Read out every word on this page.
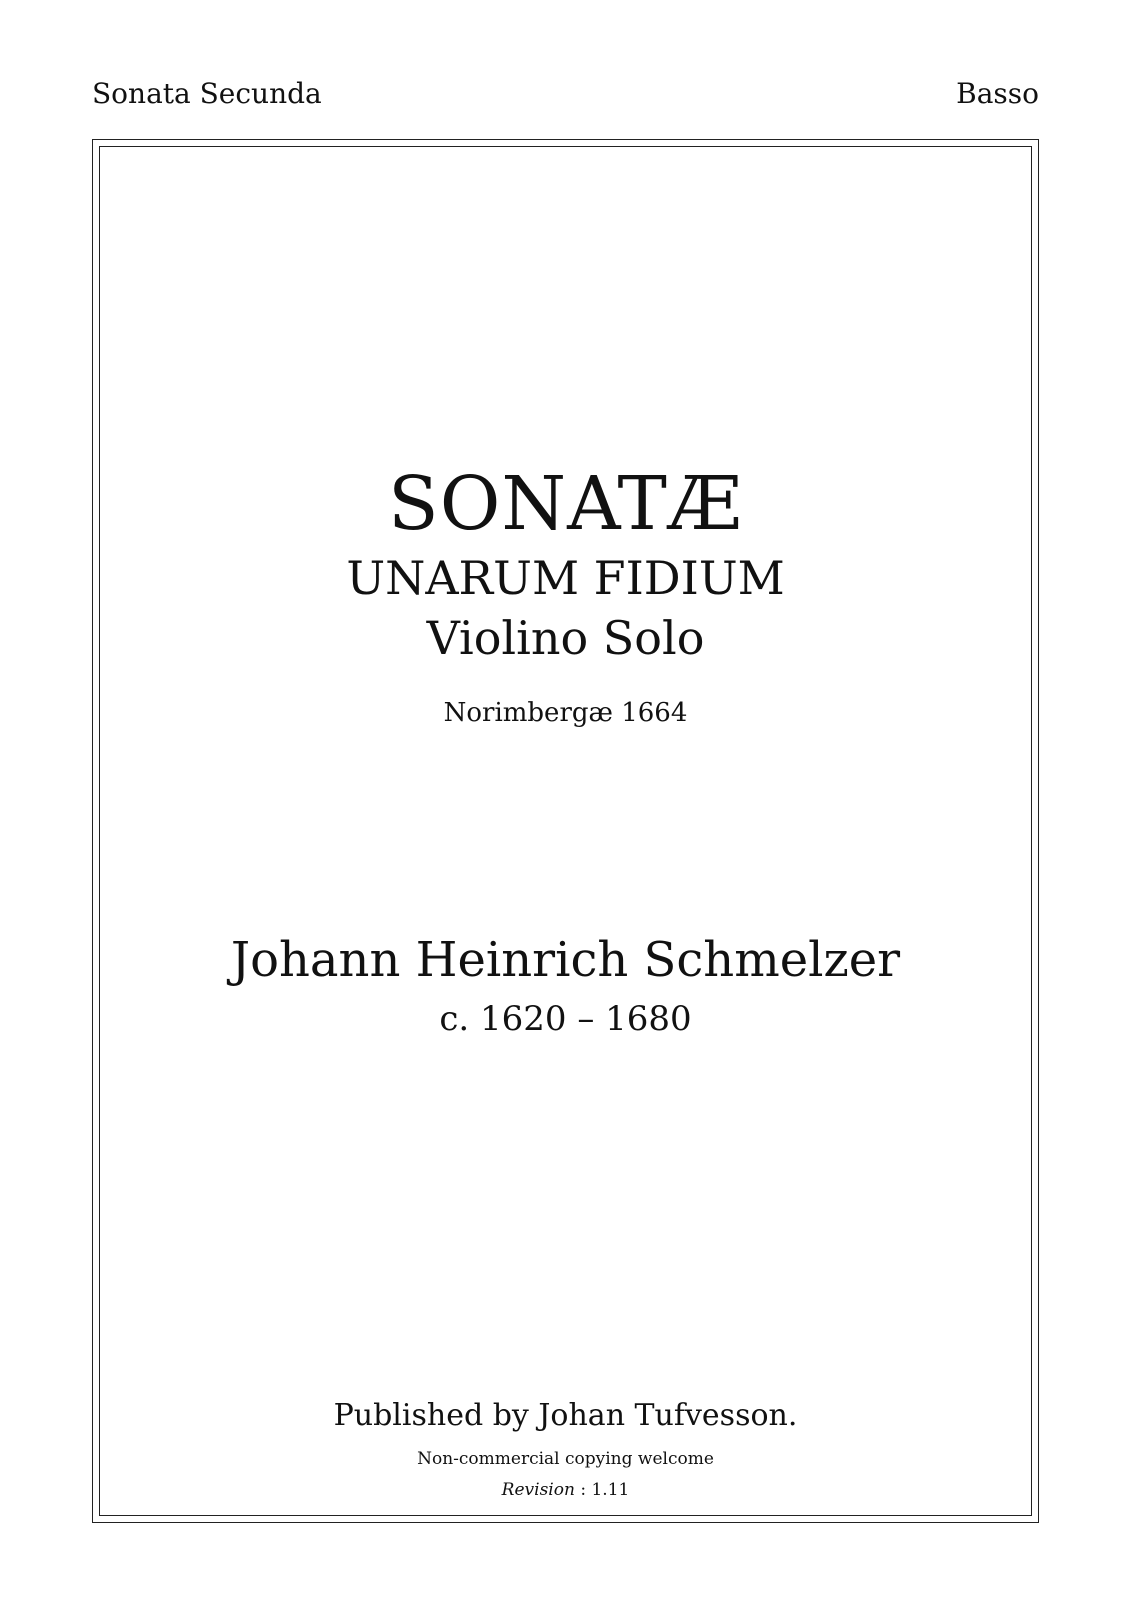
Sonata Secunda	Basso
SONATÆ
UNARUM FIDIUM
Violino Solo
Norimbergæ 1664
Johann Heinrich Schmelzer
c. 1620 – 1680
Published by Johan Tufvesson.
Non-commercial copying welcome
Revision : 1.11
